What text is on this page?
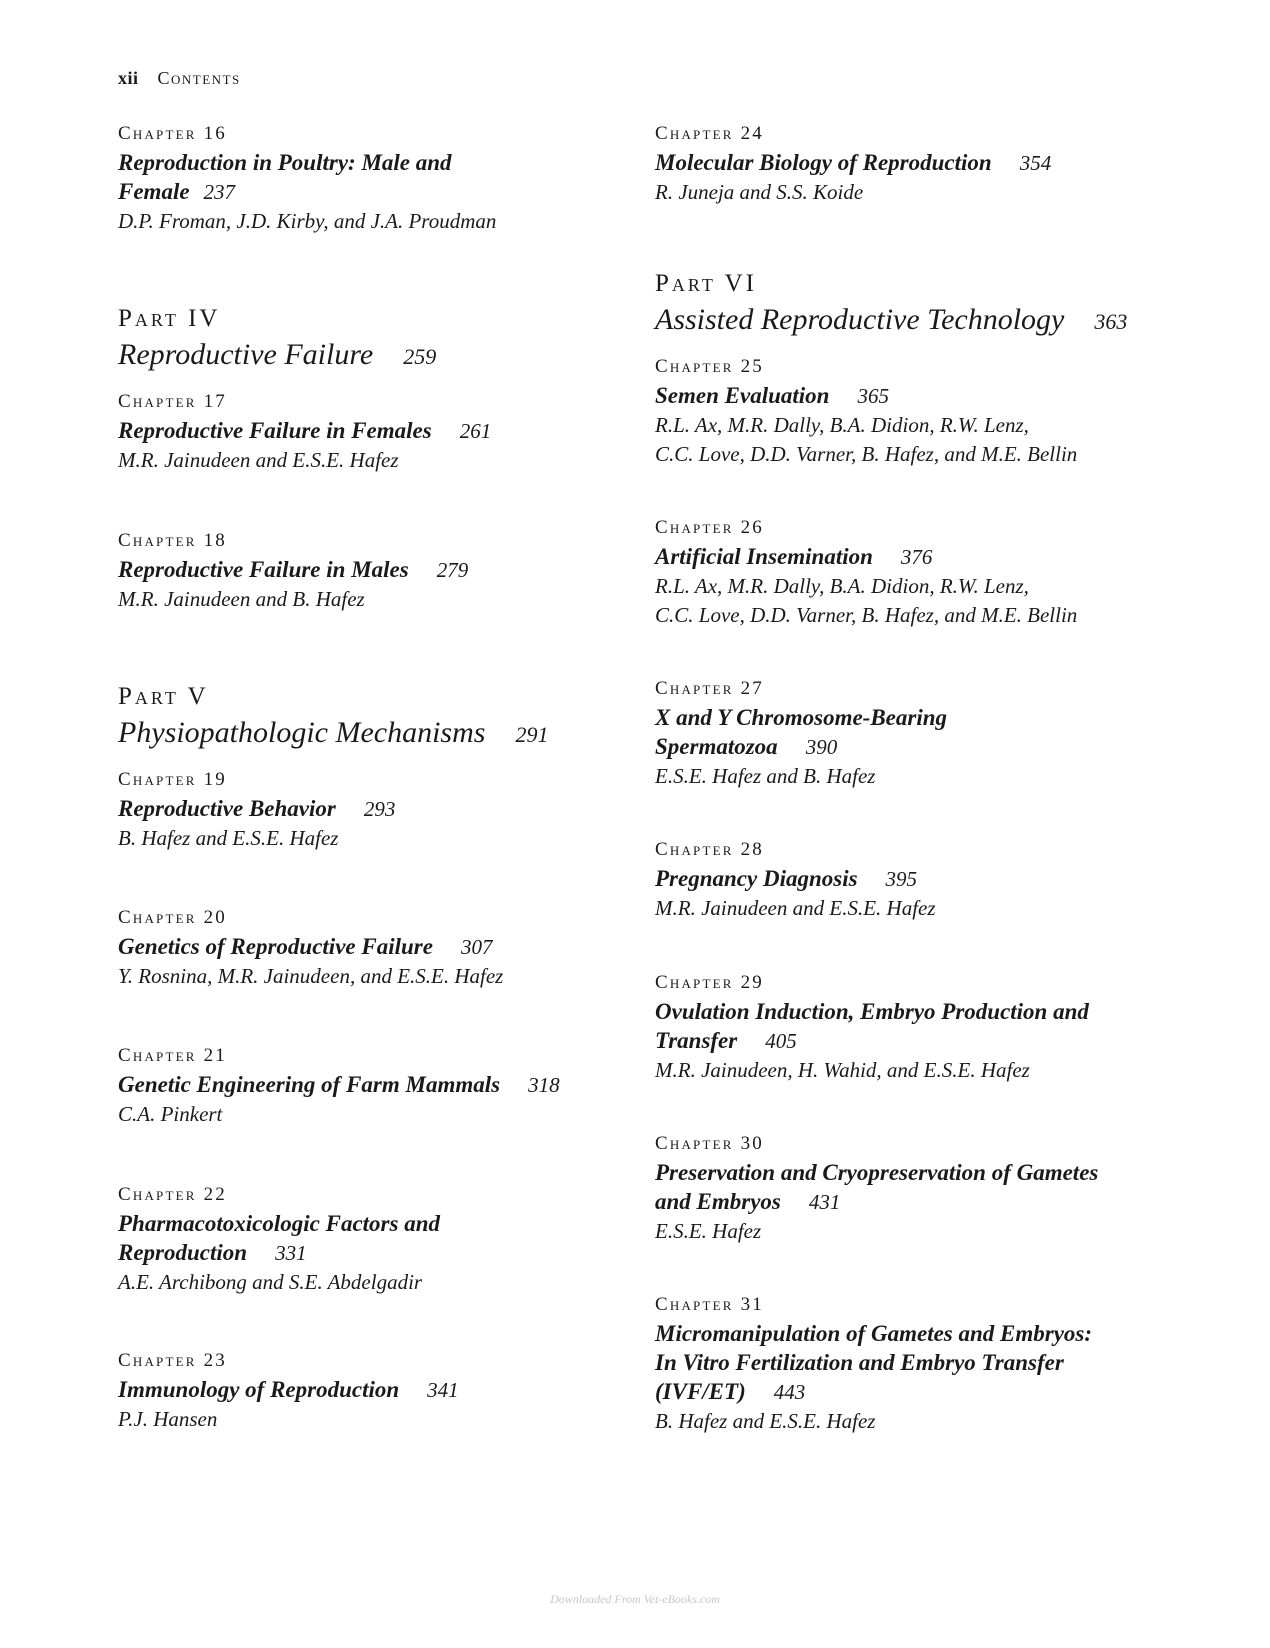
xii Contents
Chapter 16
Reproduction in Poultry: Male and
Female 237
D.P. Froman, J.D. Kirby, and J.A. Proudman
Part IV
Reproductive Failure 259
Chapter 17
Reproductive Failure in Females 261
M.R. Jainudeen and E.S.E. Hafez
Chapter 18
Reproductive Failure in Males 279
M.R. Jainudeen and B. Hafez
Part V
Physiopathologic Mechanisms 291
Chapter 19
Reproductive Behavior 293
B. Hafez and E.S.E. Hafez
Chapter 20
Genetics of Reproductive Failure 307
Y. Rosnina, M.R. Jainudeen, and E.S.E. Hafez
Chapter 21
Genetic Engineering of Farm Mammals 318
C.A. Pinkert
Chapter 22
Pharmacotoxicologic Factors and
Reproduction 331
A.E. Archibong and S.E. Abdelgadir
Chapter 23
Immunology of Reproduction 341
P.J. Hansen
Chapter 24
Molecular Biology of Reproduction 354
R. Juneja and S.S. Koide
Part VI
Assisted Reproductive Technology 363
Chapter 25
Semen Evaluation 365
R.L. Ax, M.R. Dally, B.A. Didion, R.W. Lenz,
C.C. Love, D.D. Varner, B. Hafez, and M.E. Bellin
Chapter 26
Artificial Insemination 376
R.L. Ax, M.R. Dally, B.A. Didion, R.W. Lenz,
C.C. Love, D.D. Varner, B. Hafez, and M.E. Bellin
Chapter 27
X and Y Chromosome-Bearing
Spermatozoa 390
E.S.E. Hafez and B. Hafez
Chapter 28
Pregnancy Diagnosis 395
M.R. Jainudeen and E.S.E. Hafez
Chapter 29
Ovulation Induction, Embryo Production and
Transfer 405
M.R. Jainudeen, H. Wahid, and E.S.E. Hafez
Chapter 30
Preservation and Cryopreservation of Gametes
and Embryos 431
E.S.E. Hafez
Chapter 31
Micromanipulation of Gametes and Embryos:
In Vitro Fertilization and Embryo Transfer
(IVF/ET) 443
B. Hafez and E.S.E. Hafez
Downloaded From Vet-eBooks.com
